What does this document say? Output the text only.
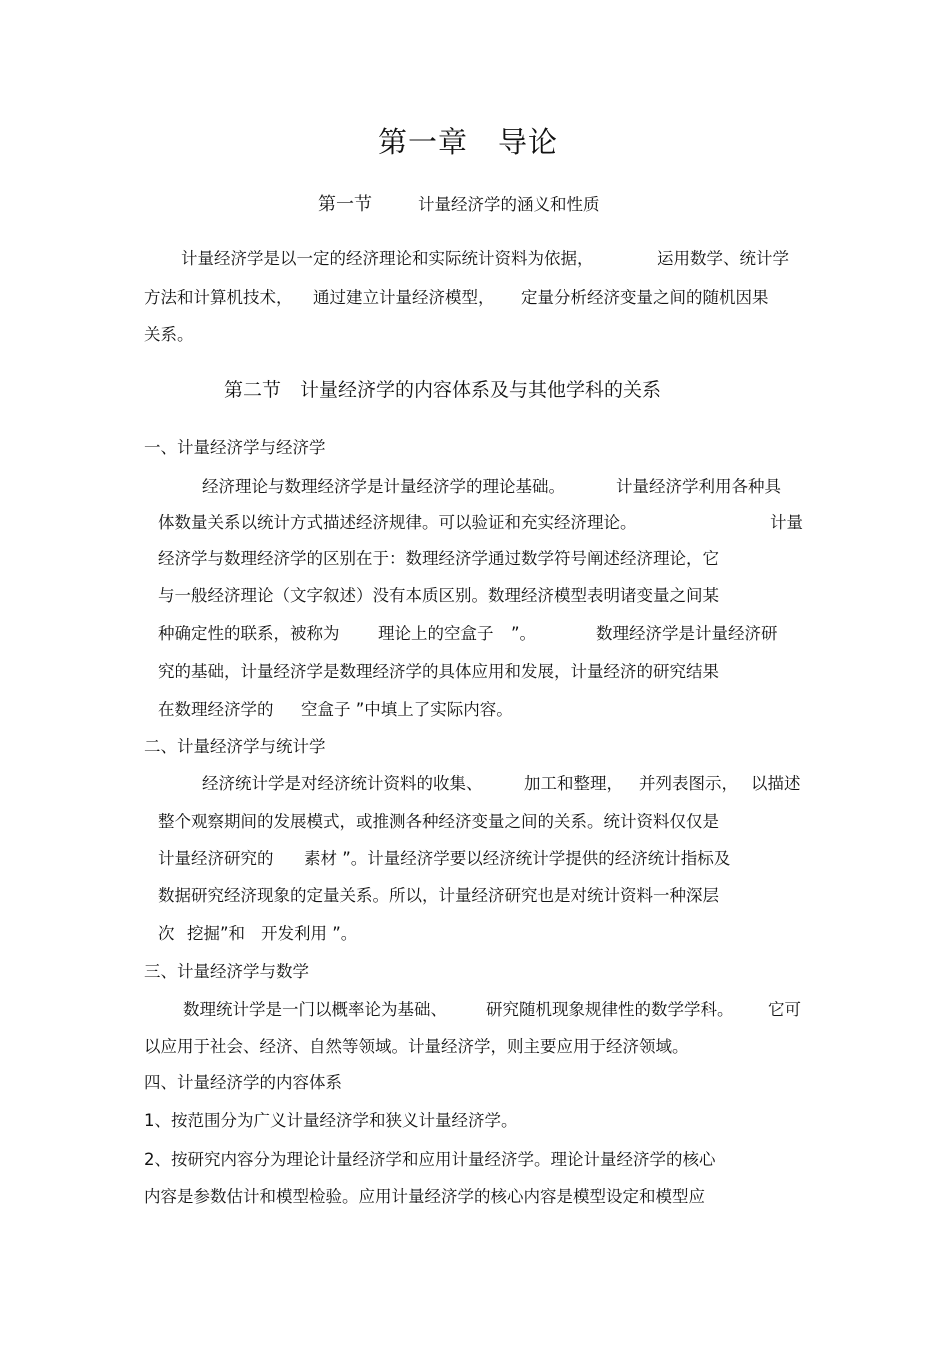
第一章　导论
第一节	计量经济学的涵义和性质
计量经济学是以一定的经济理论和实际统计资料为依据，	运用数学、统计学
方法和计算机技术， 通过建立计量经济模型， 定量分析经济变量之间的随机因果
关系。
第二节　计量经济学的内容体系及与其他学科的关系
一、计量经济学与经济学
经济理论与数理经济学是计量经济学的理论基础。	计量经济学利用各种具
体数量关系以统计方式描述经济规律。可以验证和充实经济理论。	计量
经济学与数理经济学的区别在于：数理经济学通过数学符号阐述经济理论，它
与一般经济理论（文字叙述）没有本质区别。数理经济模型表明诸变量之间某
种确定性的联系，被称为 理论上的空盒子 ”。	数理经济学是计量经济研
究的基础，计量经济学是数理经济学的具体应用和发展，计量经济的研究结果
在数理经济学的 空盒子 ”中填上了实际内容。
二、计量经济学与统计学
经济统计学是对经济统计资料的收集、	加工和整理， 并列表图示， 以描述
整个观察期间的发展模式，或推测各种经济变量之间的关系。统计资料仅仅是
计量经济研究的 素材 ”。计量经济学要以经济统计学提供的经济统计指标及
数据研究经济现象的定量关系。所以，计量经济研究也是对统计资料一种深层
次 挖掘”和 开发利用 ”。
三、计量经济学与数学
数理统计学是一门以概率论为基础、 研究随机现象规律性的数学学科。 它可
以应用于社会、经济、自然等领域。计量经济学，则主要应用于经济领域。
四、计量经济学的内容体系
1、按范围分为广义计量经济学和狭义计量经济学。
2、按研究内容分为理论计量经济学和应用计量经济学。理论计量经济学的核心
内容是参数估计和模型检验。应用计量经济学的核心内容是模型设定和模型应
